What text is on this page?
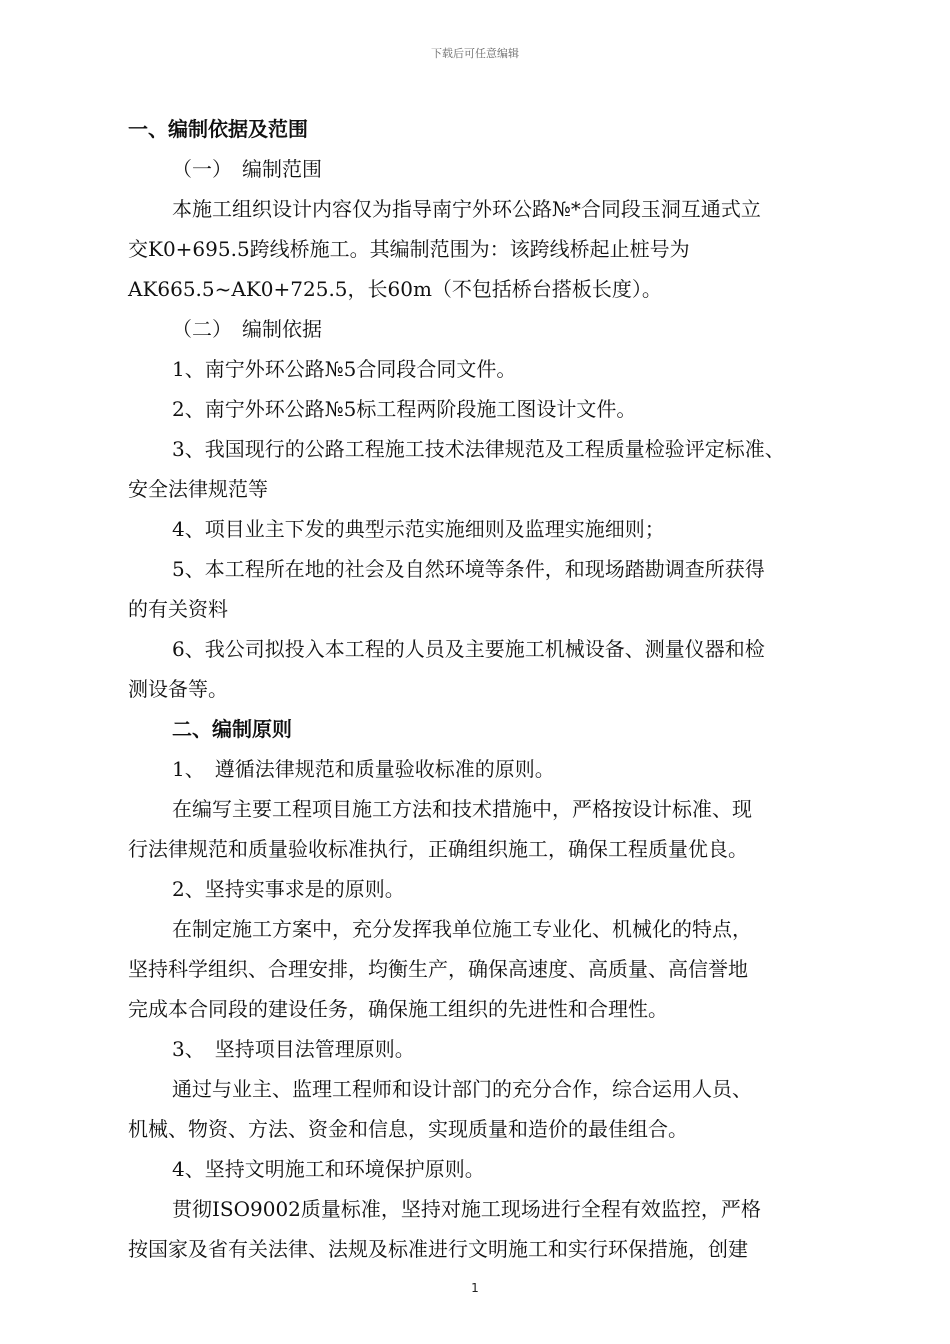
下载后可任意编辑

一、编制依据及范围

（一）　编制范围

本施工组织设计内容仅为指导南宁外环公路№*合同段玉洞互通式立

交K0+695.5跨线桥施工。其编制范围为：该跨线桥起止桩号为

AK665.5~AK0+725.5，长60m（不包括桥台搭板长度）。

（二）　编制依据

1、南宁外环公路№5合同段合同文件。

2、南宁外环公路№5标工程两阶段施工图设计文件。

3、我国现行的公路工程施工技术法律规范及工程质量检验评定标准、

安全法律规范等

4、项目业主下发的典型示范实施细则及监理实施细则；

5、本工程所在地的社会及自然环境等条件，和现场踏勘调查所获得

的有关资料

6、我公司拟投入本工程的人员及主要施工机械设备、测量仪器和检

测设备等。

二、编制原则

1、　遵循法律规范和质量验收标准的原则。

在编写主要工程项目施工方法和技术措施中，严格按设计标准、现

行法律规范和质量验收标准执行，正确组织施工，确保工程质量优良。

2、坚持实事求是的原则。

在制定施工方案中，充分发挥我单位施工专业化、机械化的特点，

坚持科学组织、合理安排，均衡生产，确保高速度、高质量、高信誉地

完成本合同段的建设任务，确保施工组织的先进性和合理性。

3、　坚持项目法管理原则。

通过与业主、监理工程师和设计部门的充分合作，综合运用人员、

机械、物资、方法、资金和信息，实现质量和造价的最佳组合。

4、坚持文明施工和环境保护原则。

贯彻ISO9002质量标准，坚持对施工现场进行全程有效监控，严格

按国家及省有关法律、法规及标准进行文明施工和实行环保措施，创建

1
